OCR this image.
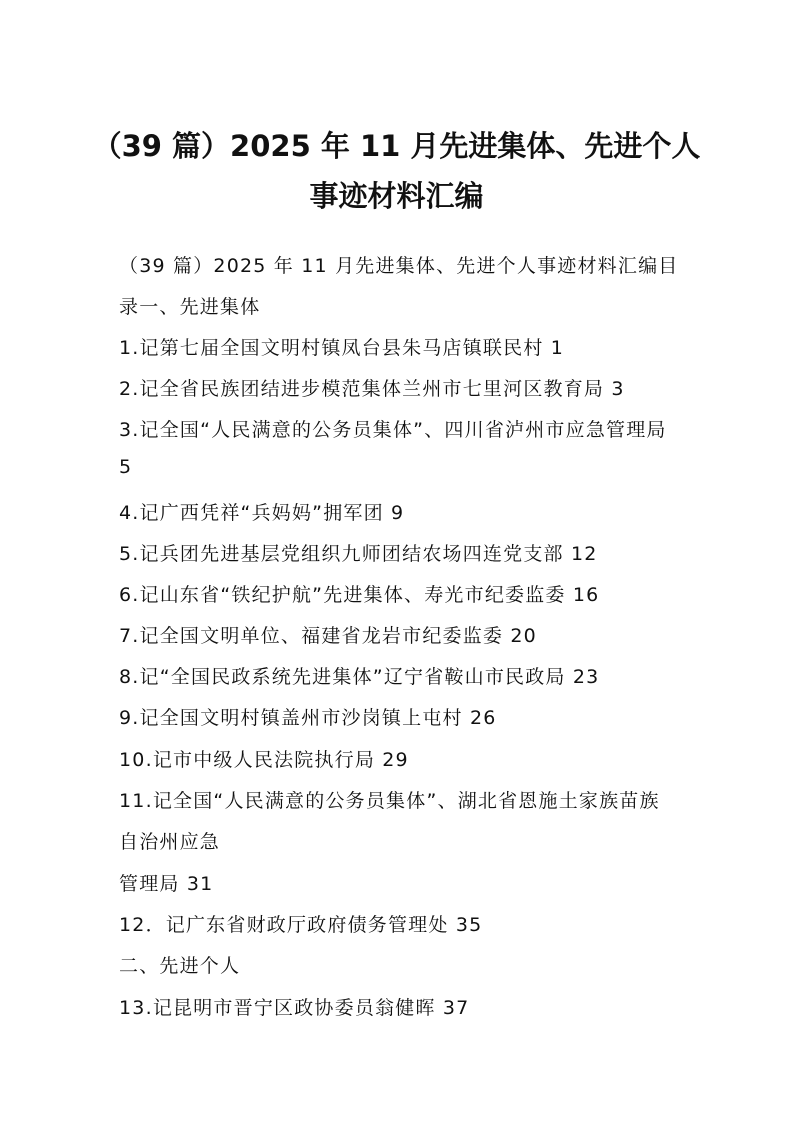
（39 篇）2025 年 11 月先进集体、先进个人
事迹材料汇编
（39 篇）2025 年 11 月先进集体、先进个人事迹材料汇编目
录一、先进集体
1.记第七届全国文明村镇凤台县朱马店镇联民村 1
2.记全省民族团结进步模范集体兰州市七里河区教育局 3
3.记全国“人民满意的公务员集体”、四川省泸州市应急管理局
5
4.记广西凭祥“兵妈妈”拥军团 9
5.记兵团先进基层党组织九师团结农场四连党支部 12
6.记山东省“铁纪护航”先进集体、寿光市纪委监委 16
7.记全国文明单位、福建省龙岩市纪委监委 20
8.记“全国民政系统先进集体”辽宁省鞍山市民政局 23
9.记全国文明村镇盖州市沙岗镇上屯村 26
10.记市中级人民法院执行局 29
11.记全国“人民满意的公务员集体”、湖北省恩施土家族苗族
自治州应急
管理局 31
12．记广东省财政厅政府债务管理处 35
二、先进个人
13.记昆明市晋宁区政协委员翁健晖 37
